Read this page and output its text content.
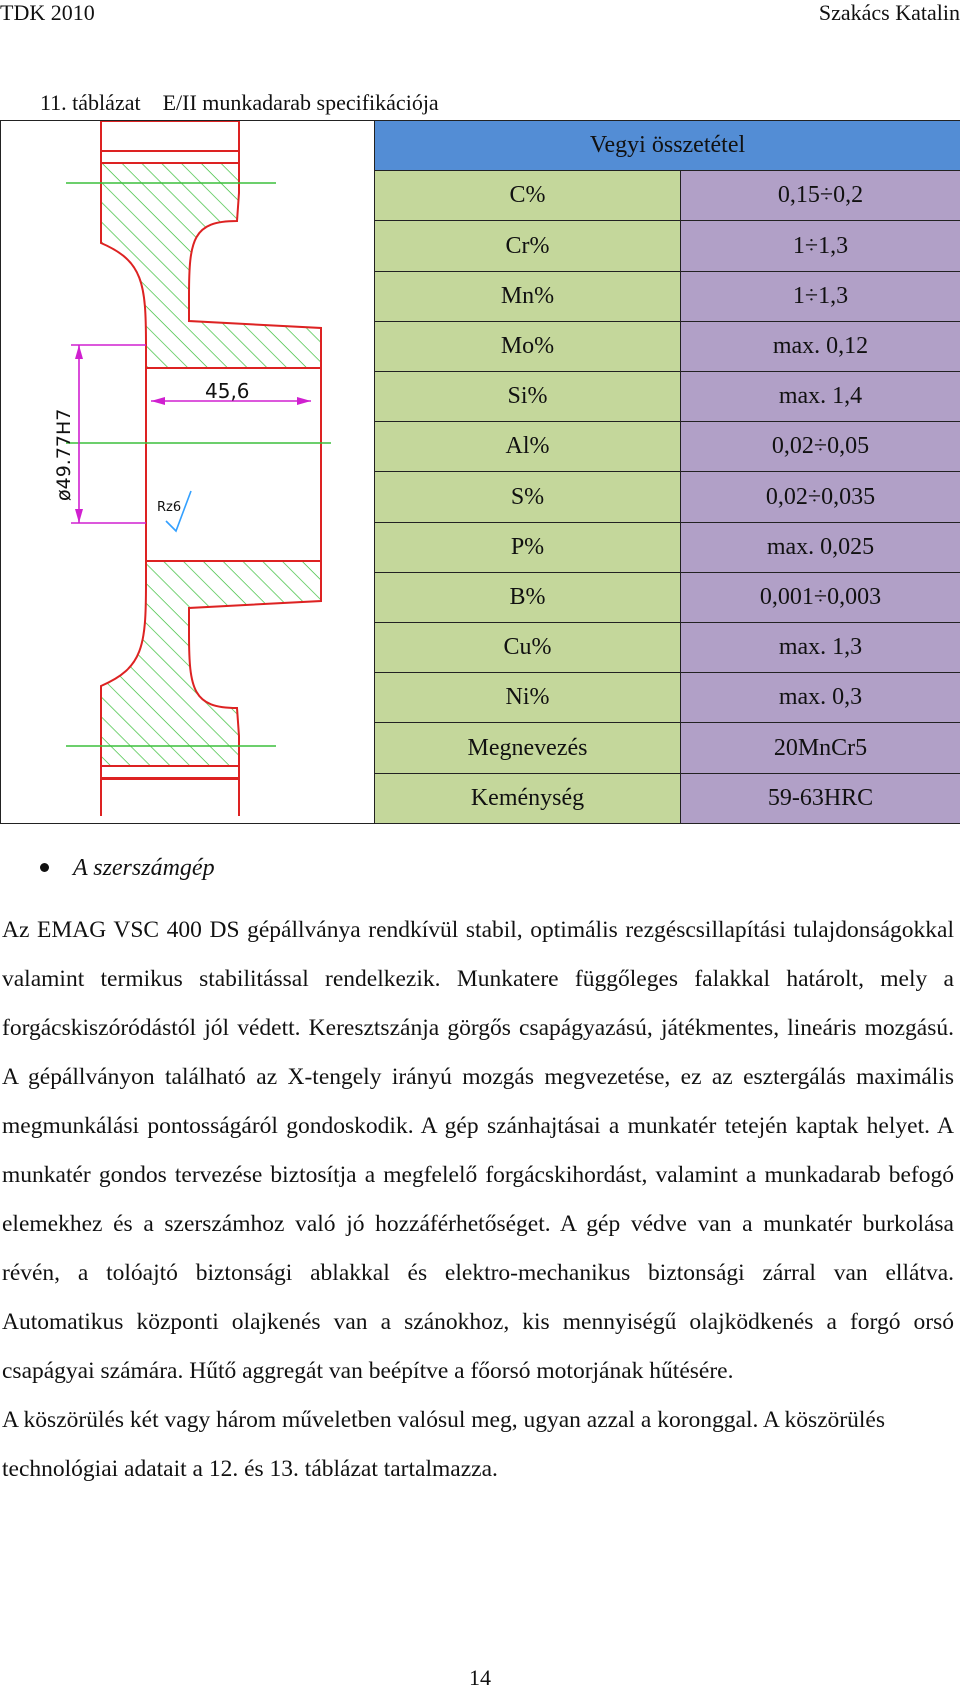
TDK 2010	Szakács Katalin
11. táblázat E/II munkadarab specifikációja
45,6
ø49.77H7
Rz6	Vegyi összetétel	
	C%	0,15÷0,2
	Cr%	1÷1,3
	Mn%	1÷1,3
	Mo%	max. 0,12
	Si%	max. 1,4
	Al%	0,02÷0,05
	S%	0,02÷0,035
	P%	max. 0,025
	B%	0,001÷0,003
	Cu%	max. 1,3
	Ni%	max. 0,3
	Megnevezés	20MnCr5
	Keménység	59-63HRC
A szerszámgép

Az EMAG VSC 400 DS gépállványa rendkívül stabil, optimális rezgéscsillapítási tulajdonságokkal valamint termikus stabilitással rendelkezik. Munkatere függőleges falakkal határolt, mely a forgácskiszóródástól jól védett. Keresztszánja görgős csapágyazású, játékmentes, lineáris mozgású. A gépállványon található az X-tengely irányú mozgás megvezetése, ez az esztergálás maximális megmunkálási pontosságáról gondoskodik. A gép szánhajtásai a munkatér tetején kaptak helyet. A munkatér gondos tervezése biztosítja a megfelelő forgácskihordást, valamint a munkadarab befogó elemekhez és a szerszámhoz való jó hozzáférhetőséget. A gép védve van a munkatér burkolása révén, a tolóajtó biztonsági ablakkal és elektro-mechanikus biztonsági zárral van ellátva. Automatikus központi olajkenés van a szánokhoz, kis mennyiségű olajködkenés a forgó orsó csapágyai számára. Hűtő aggregát van beépítve a főorsó motorjának hűtésére.

A köszörülés két vagy három műveletben valósul meg, ugyan azzal a koronggal. A köszörülés technológiai adatait a 12. és 13. táblázat tartalmazza.

14
